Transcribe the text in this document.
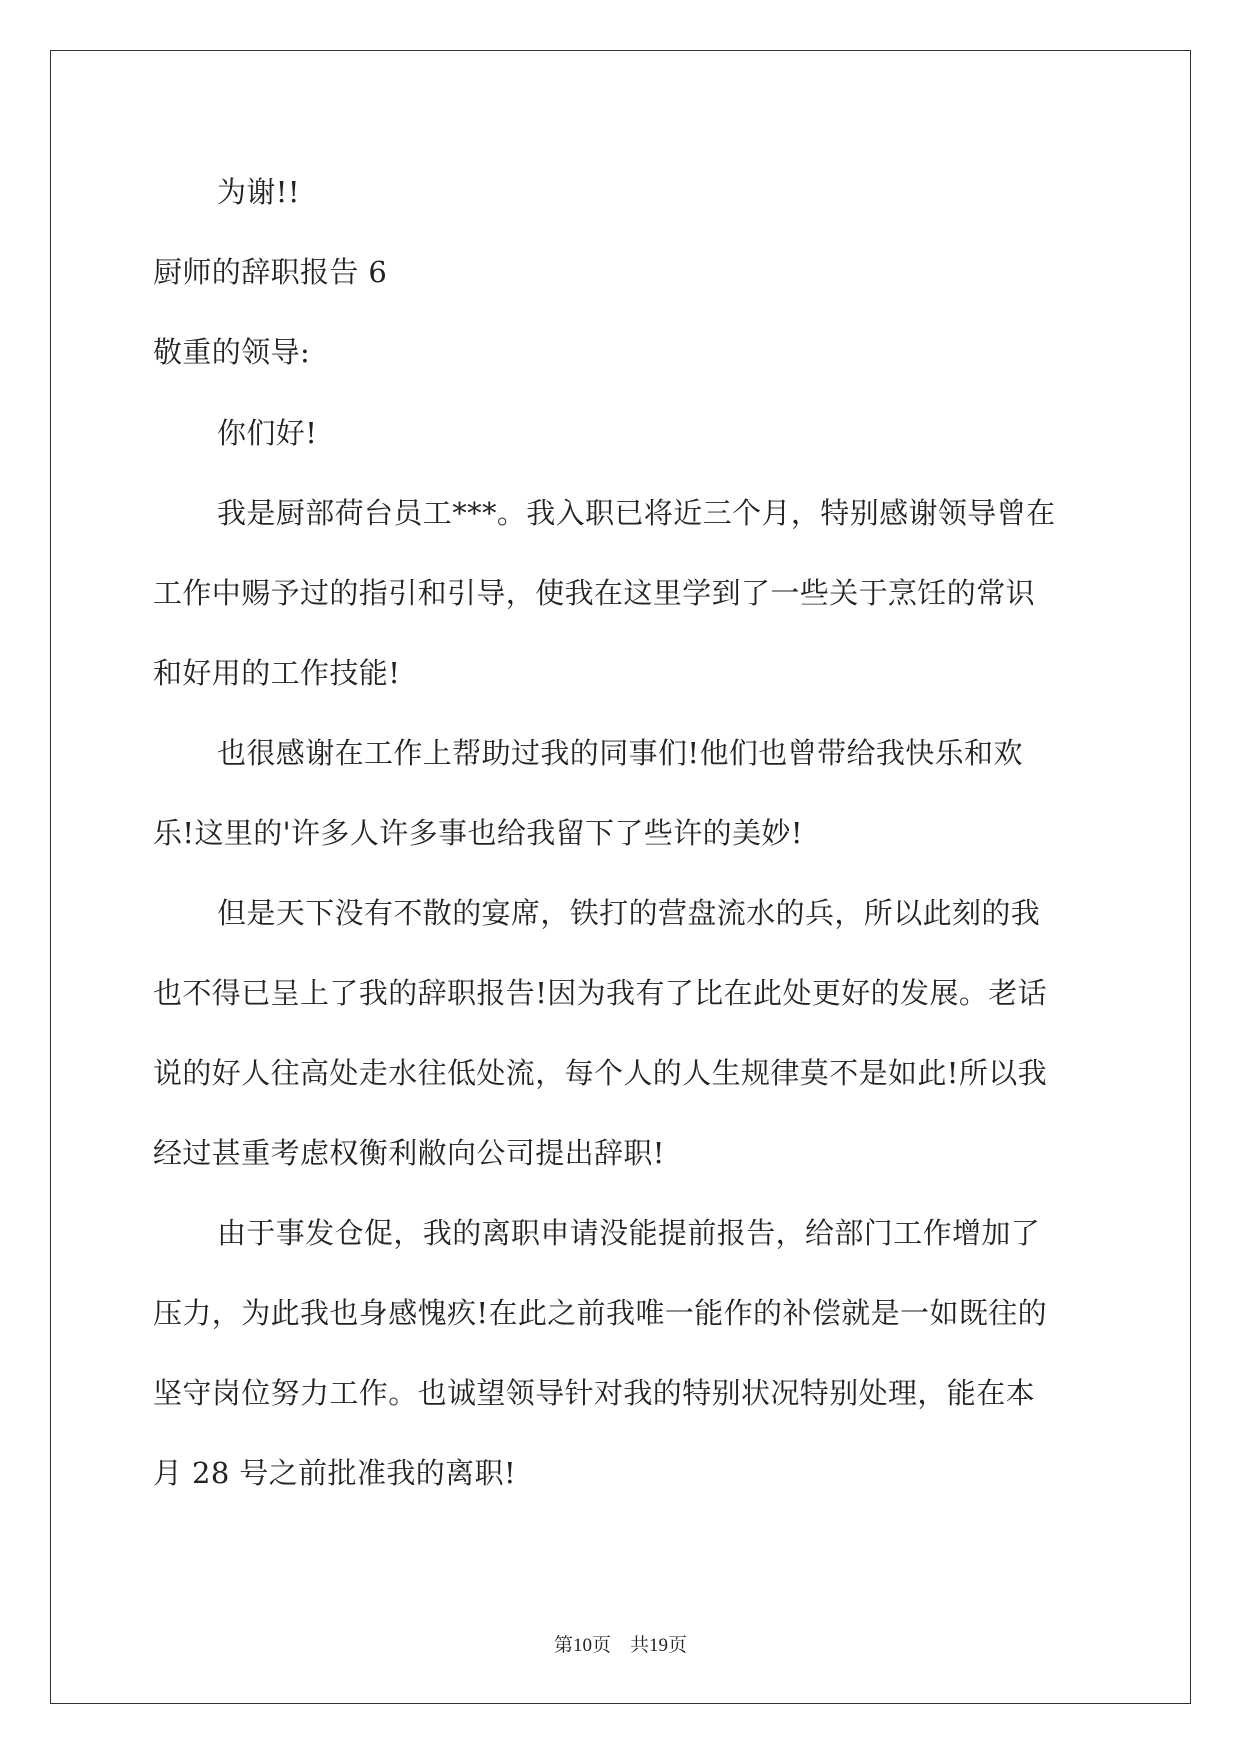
为谢!!
厨师的辞职报告 6
敬重的领导:
你们好!
我是厨部荷台员工***。我入职已将近三个月，特别感谢领导曾在
工作中赐予过的指引和引导，使我在这里学到了一些关于烹饪的常识
和好用的工作技能!
也很感谢在工作上帮助过我的同事们!他们也曾带给我快乐和欢
乐!这里的'许多人许多事也给我留下了些许的美妙!
但是天下没有不散的宴席，铁打的营盘流水的兵，所以此刻的我
也不得已呈上了我的辞职报告!因为我有了比在此处更好的发展。老话
说的好人往高处走水往低处流，每个人的人生规律莫不是如此!所以我
经过甚重考虑权衡利敝向公司提出辞职!
由于事发仓促，我的离职申请没能提前报告，给部门工作增加了
压力，为此我也身感愧疚!在此之前我唯一能作的补偿就是一如既往的
坚守岗位努力工作。也诚望领导针对我的特别状况特别处理，能在本
月 28 号之前批准我的离职!
第10页　共19页
